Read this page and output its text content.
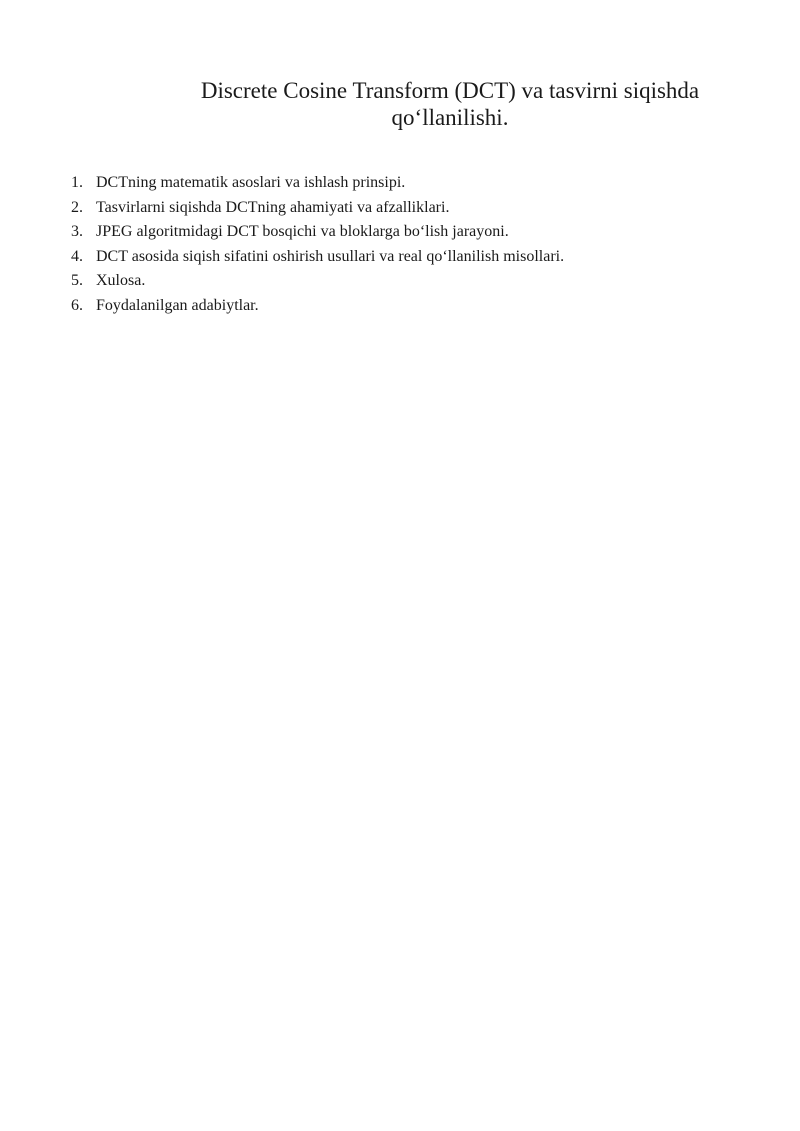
Discrete Cosine Transform (DCT) va tasvirni siqishda
qo‘llanilishi.
1. DCTning matematik asoslari va ishlash prinsipi.
2. Tasvirlarni siqishda DCTning ahamiyati va afzalliklari.
3. JPEG algoritmidagi DCT bosqichi va bloklarga bo‘lish jarayoni.
4. DCT asosida siqish sifatini oshirish usullari va real qo‘llanilish misollari.
5. Xulosa.
6. Foydalanilgan adabiytlar.
